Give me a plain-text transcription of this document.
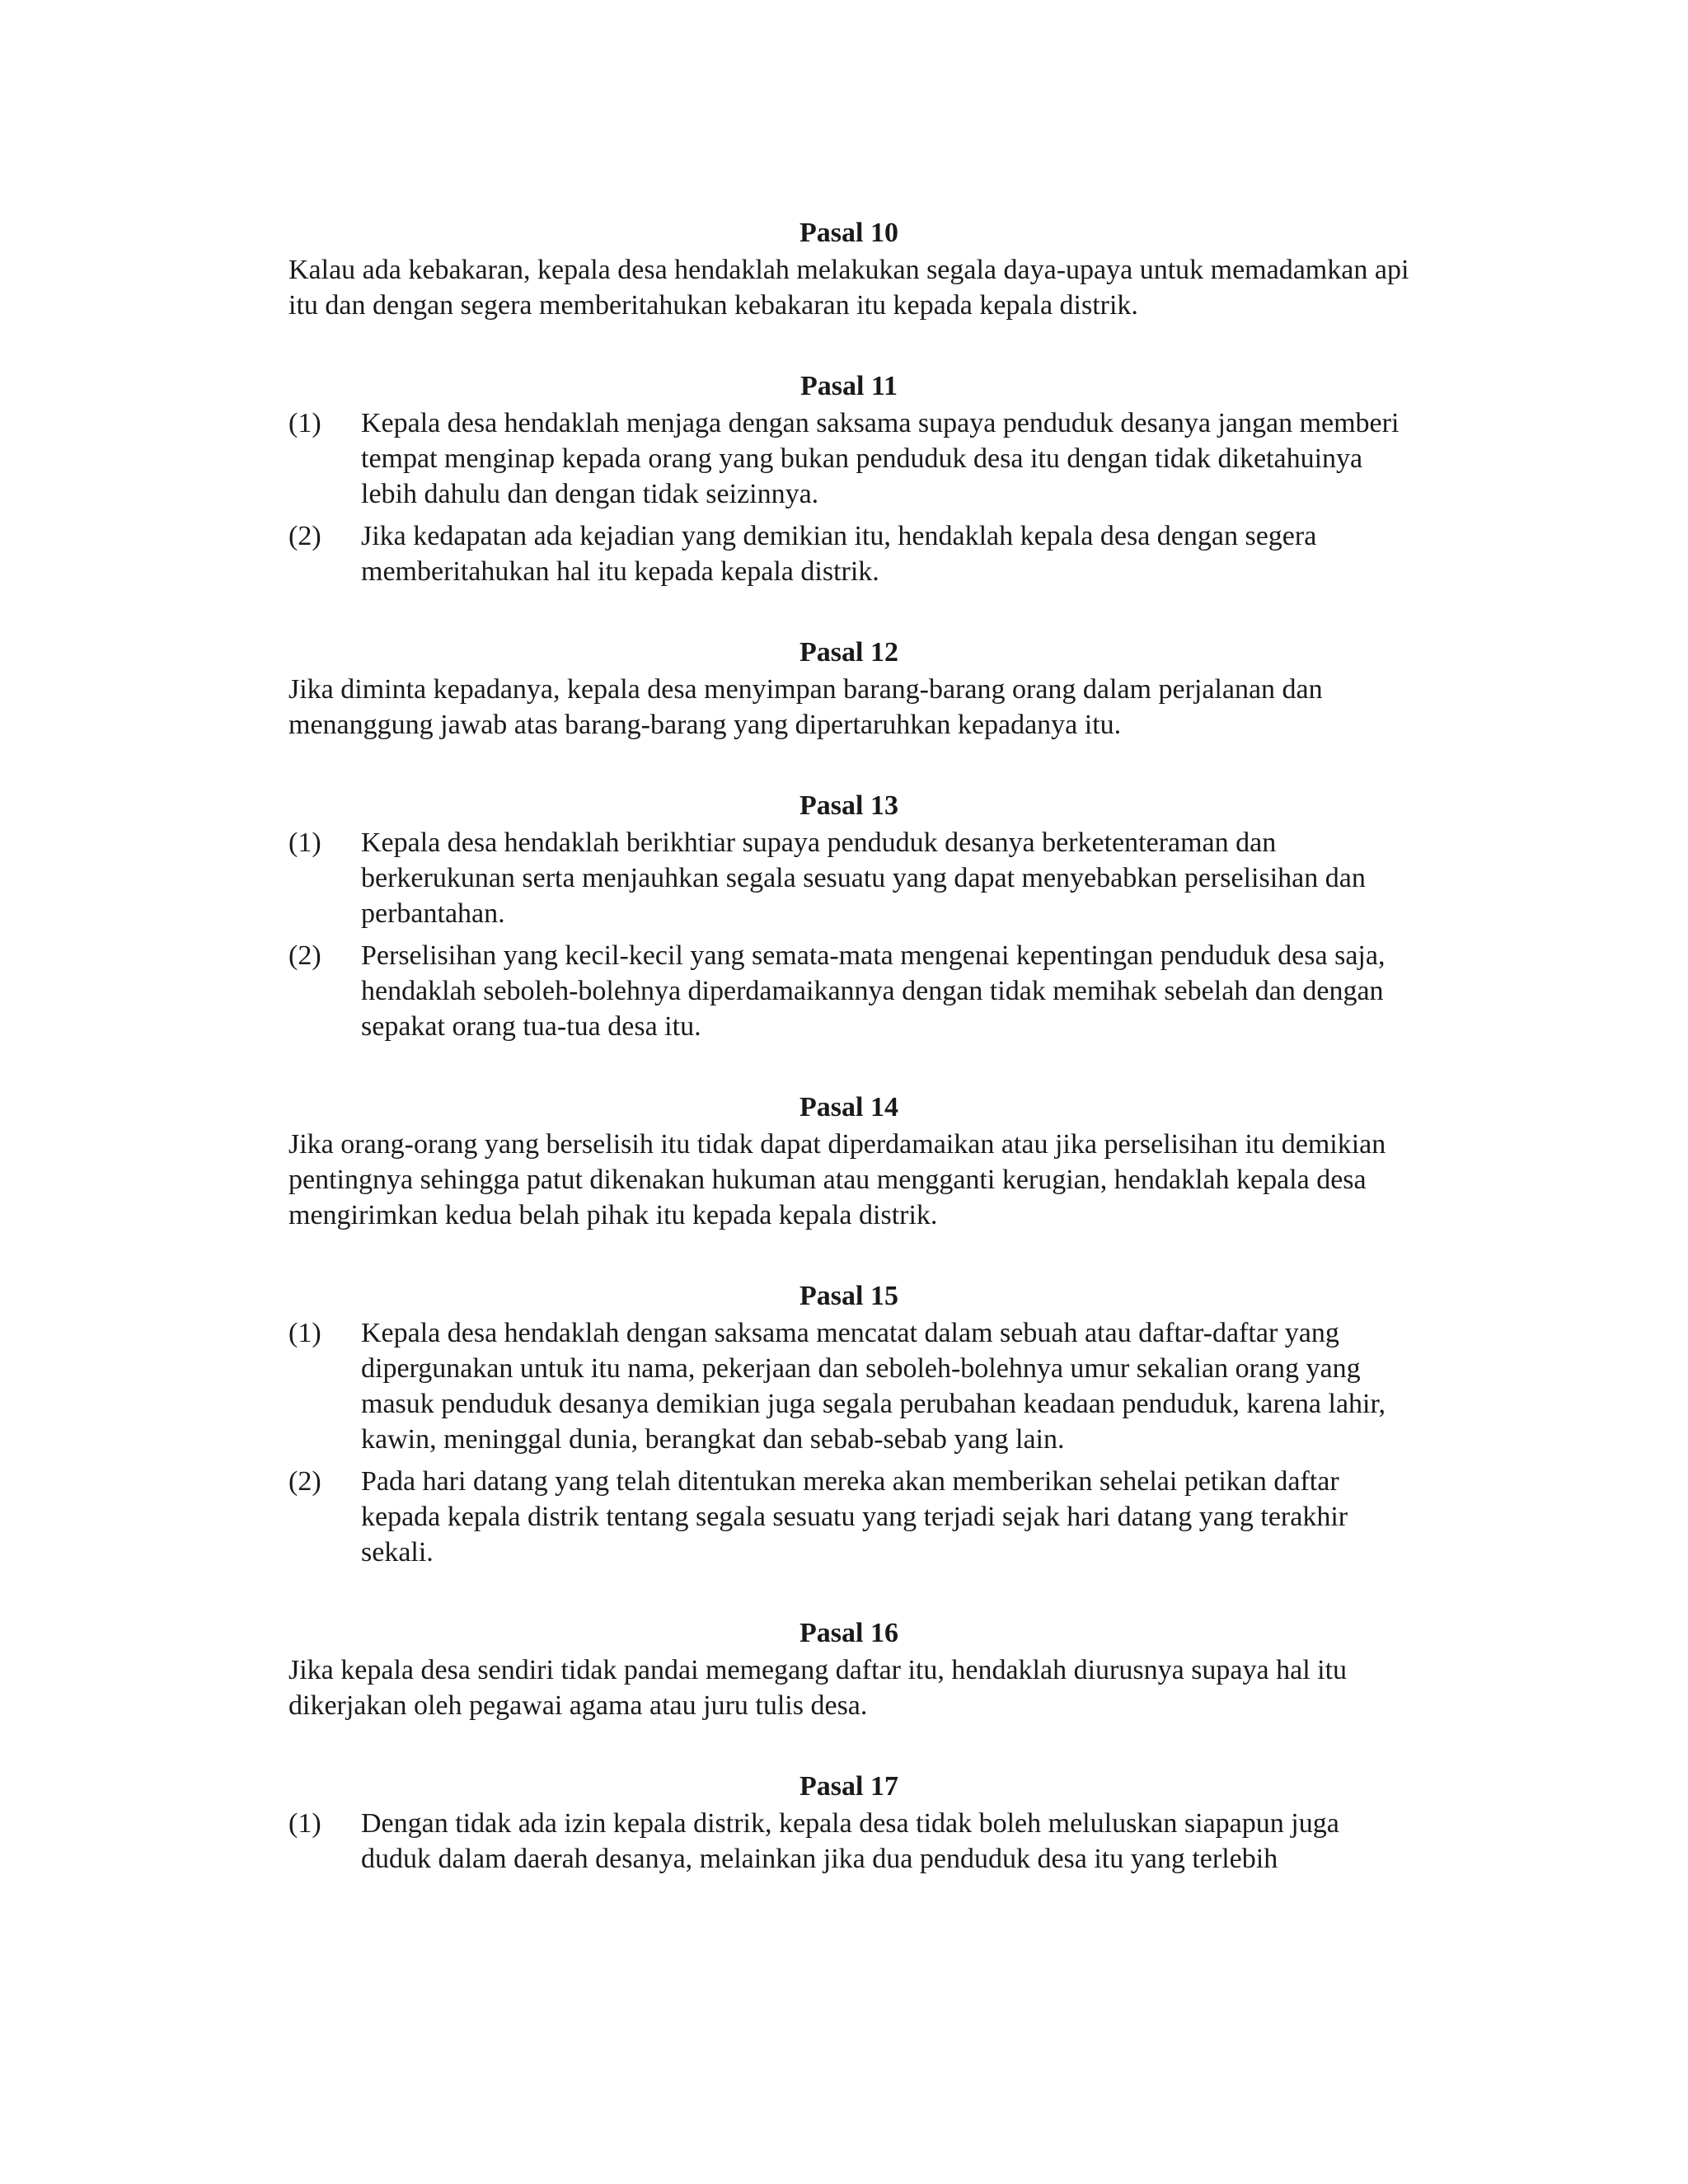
Pasal 10

Kalau ada kebakaran, kepala desa hendaklah melakukan segala daya-upaya untuk memadamkan api itu dan dengan segera memberitahukan kebakaran itu kepada kepala distrik.

Pasal 11
(1)	Kepala desa hendaklah menjaga dengan saksama supaya penduduk desanya jangan memberi tempat menginap kepada orang yang bukan penduduk desa itu dengan tidak diketahuinya lebih dahulu dan dengan tidak seizinnya.
(2)	Jika kedapatan ada kejadian yang demikian itu, hendaklah kepala desa dengan segera memberitahukan hal itu kepada kepala distrik.
Pasal 12

Jika diminta kepadanya, kepala desa menyimpan barang-barang orang dalam perjalanan dan menanggung jawab atas barang-barang yang dipertaruhkan kepadanya itu.

Pasal 13
(1)	Kepala desa hendaklah berikhtiar supaya penduduk desanya berketenteraman dan berkerukunan serta menjauhkan segala sesuatu yang dapat menyebabkan perselisihan dan perbantahan.
(2)	Perselisihan yang kecil-kecil yang semata-mata mengenai kepentingan penduduk desa saja, hendaklah seboleh-bolehnya diperdamaikannya dengan tidak memihak sebelah dan dengan sepakat orang tua-tua desa itu.
Pasal 14

Jika orang-orang yang berselisih itu tidak dapat diperdamaikan atau jika perselisihan itu demikian pentingnya sehingga patut dikenakan hukuman atau mengganti kerugian, hendaklah kepala desa mengirimkan kedua belah pihak itu kepada kepala distrik.

Pasal 15
(1)	Kepala desa hendaklah dengan saksama mencatat dalam sebuah atau daftar-daftar yang dipergunakan untuk itu nama, pekerjaan dan seboleh-bolehnya umur sekalian orang yang masuk penduduk desanya demikian juga segala perubahan keadaan penduduk, karena lahir, kawin, meninggal dunia, berangkat dan sebab-sebab yang lain.
(2)	Pada hari datang yang telah ditentukan mereka akan memberikan sehelai petikan daftar kepada kepala distrik tentang segala sesuatu yang terjadi sejak hari datang yang terakhir sekali.
Pasal 16

Jika kepala desa sendiri tidak pandai memegang daftar itu, hendaklah diurusnya supaya hal itu dikerjakan oleh pegawai agama atau juru tulis desa.

Pasal 17
(1)	Dengan tidak ada izin kepala distrik, kepala desa tidak boleh meluluskan siapapun juga duduk dalam daerah desanya, melainkan jika dua penduduk desa itu yang terlebih
